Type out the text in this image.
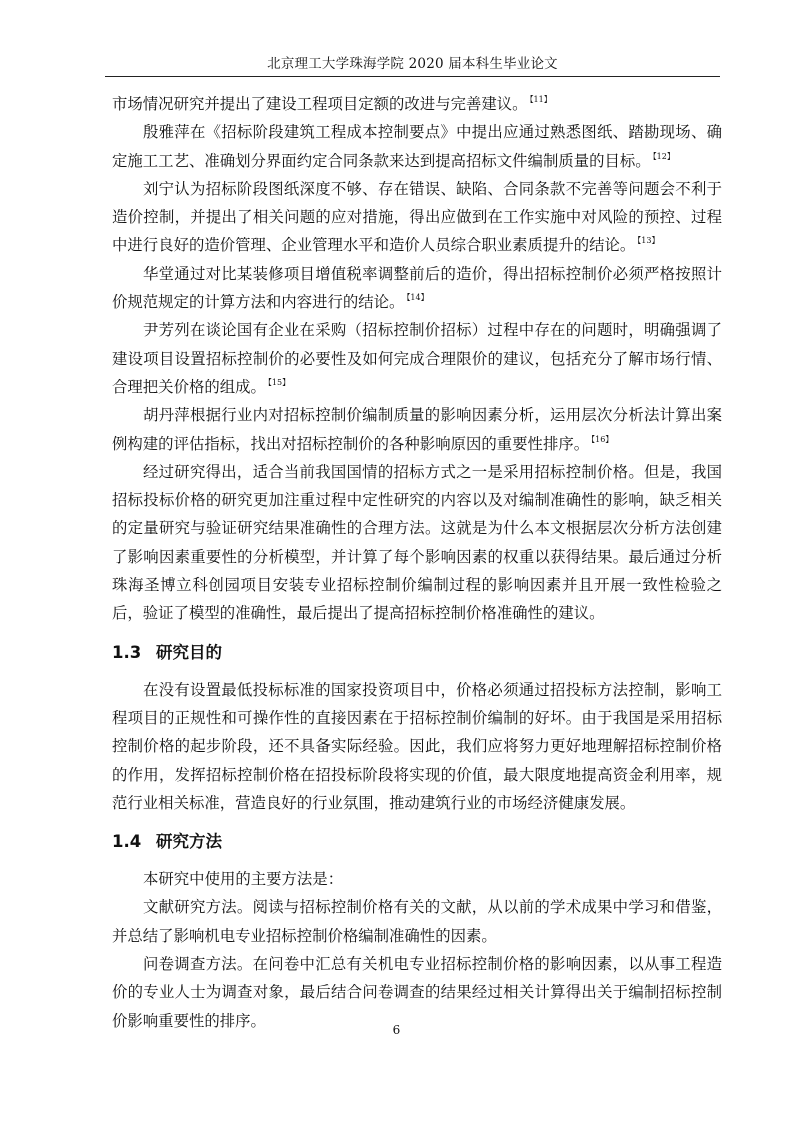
北京理工大学珠海学院 2020 届本科生毕业论文

市场情况研究并提出了建设工程项目定额的改进与完善建议。 $^{【11】}$

殷雅萍在《招标阶段建筑工程成本控制要点》中提出应通过熟悉图纸、踏勘现场、确定施工工艺、准确划分界面约定合同条款来达到提高招标文件编制质量的目标。 $^{【12】}$

刘宁认为招标阶段图纸深度不够、存在错误、缺陷、合同条款不完善等问题会不利于造价控制，并提出了相关问题的应对措施，得出应做到在工作实施中对风险的预控、过程中进行良好的造价管理、企业管理水平和造价人员综合职业素质提升的结论。 $^{【13】}$

华堂通过对比某装修项目增值税率调整前后的造价，得出招标控制价必须严格按照计价规范规定的计算方法和内容进行的结论。 $^{【14】}$

尹芳列在谈论国有企业在采购（招标控制价招标）过程中存在的问题时，明确强调了建设项目设置招标控制价的必要性及如何完成合理限价的建议，包括充分了解市场行情、合理把关价格的组成。 $^{【15】}$

胡丹萍根据行业内对招标控制价编制质量的影响因素分析，运用层次分析法计算出案例构建的评估指标，找出对招标控制价的各种影响原因的重要性排序。 $^{【16】}$

经过研究得出，适合当前我国国情的招标方式之一是采用招标控制价格。但是，我国招标投标价格的研究更加注重过程中定性研究的内容以及对编制准确性的影响，缺乏相关的定量研究与验证研究结果准确性的合理方法。这就是为什么本文根据层次分析方法创建了影响因素重要性的分析模型，并计算了每个影响因素的权重以获得结果。最后通过分析珠海圣博立科创园项目安装专业招标控制价编制过程的影响因素并且开展一致性检验之后，验证了模型的准确性，最后提出了提高招标控制价格准确性的建议。

1.3 研究目的

在没有设置最低投标标准的国家投资项目中，价格必须通过招投标方法控制，影响工程项目的正规性和可操作性的直接因素在于招标控制价编制的好坏。由于我国是采用招标控制价格的起步阶段，还不具备实际经验。因此，我们应将努力更好地理解招标控制价格的作用，发挥招标控制价格在招投标阶段将实现的价值，最大限度地提高资金利用率，规范行业相关标准，营造良好的行业氛围，推动建筑行业的市场经济健康发展。

1.4 研究方法

本研究中使用的主要方法是：

文献研究方法。阅读与招标控制价格有关的文献，从以前的学术成果中学习和借鉴，并总结了影响机电专业招标控制价格编制准确性的因素。

问卷调查方法。在问卷中汇总有关机电专业招标控制价格的影响因素，以从事工程造价的专业人士为调查对象，最后结合问卷调查的结果经过相关计算得出关于编制招标控制价影响重要性的排序。

6
